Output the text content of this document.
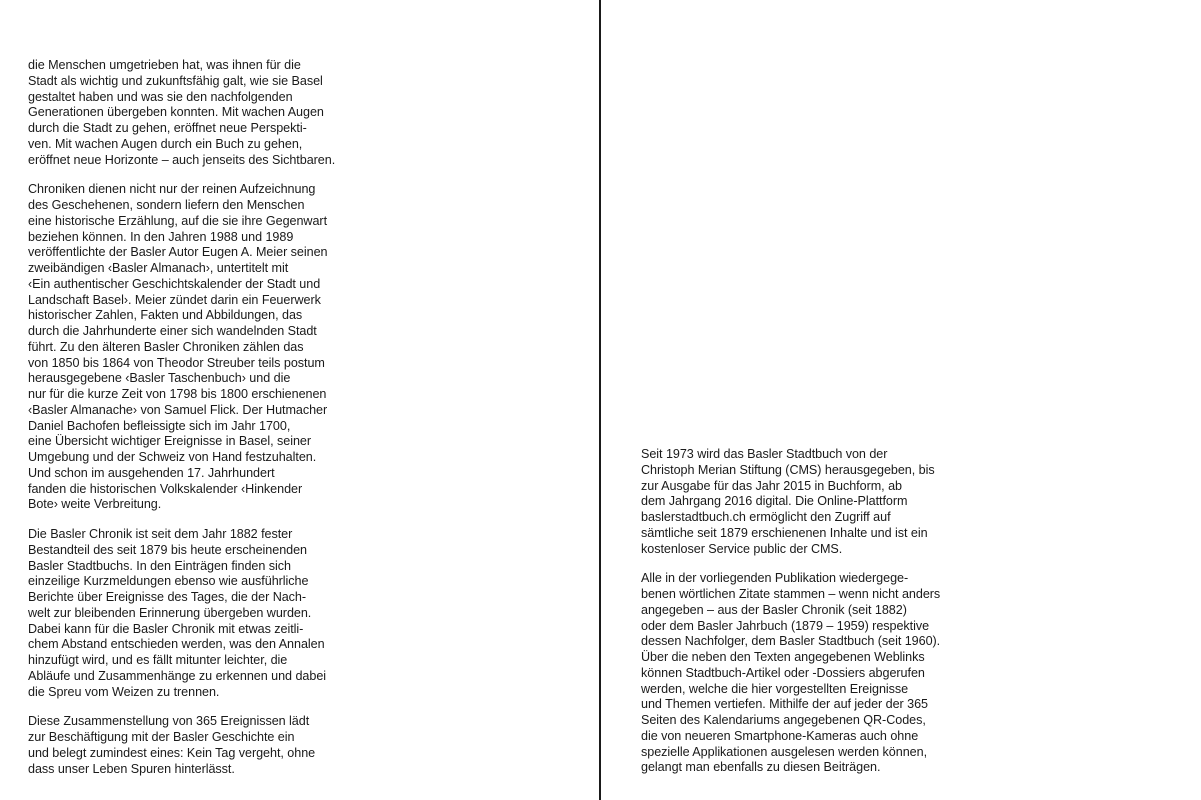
die Menschen umgetrieben hat, was ihnen für die
Stadt als wichtig und zukunftsfähig galt, wie sie Basel
gestaltet haben und was sie den nachfolgenden
Generationen übergeben konnten. Mit wachen Augen
durch die Stadt zu gehen, eröffnet neue Perspekti-
ven. Mit wachen Augen durch ein Buch zu gehen,
eröffnet neue Horizonte – auch jenseits des Sichtbaren.

Chroniken dienen nicht nur der reinen Aufzeichnung
des Geschehenen, sondern liefern den Menschen
eine historische Erzählung, auf die sie ihre Gegenwart
beziehen können. In den Jahren 1988 und 1989
veröffentlichte der Basler Autor Eugen A. Meier seinen
zweibändigen ‹Basler Almanach›, untertitelt mit
‹Ein authentischer Geschichtskalender der Stadt und
Landschaft Basel›. Meier zündet darin ein Feuerwerk
historischer Zahlen, Fakten und Abbildungen, das
durch die Jahrhunderte einer sich wandelnden Stadt
führt. Zu den älteren Basler Chroniken zählen das
von 1850 bis 1864 von Theodor Streuber teils postum
herausgegebene ‹Basler Taschenbuch› und die
nur für die kurze Zeit von 1798 bis 1800 erschienenen
‹Basler Almanache› von Samuel Flick. Der Hutmacher
Daniel Bachofen befleissigte sich im Jahr 1700,
eine Übersicht wichtiger Ereignisse in Basel, seiner
Umgebung und der Schweiz von Hand festzuhalten.
Und schon im ausgehenden 17. Jahrhundert
fanden die historischen Volkskalender ‹Hinkender
Bote› weite Verbreitung.

Die Basler Chronik ist seit dem Jahr 1882 fester
Bestandteil des seit 1879 bis heute erscheinenden
Basler Stadtbuchs. In den Einträgen finden sich
einzeilige Kurzmeldungen ebenso wie ausführliche
Berichte über Ereignisse des Tages, die der Nach-
welt zur bleibenden Erinnerung übergeben wurden.
Dabei kann für die Basler Chronik mit etwas zeitli-
chem Abstand entschieden werden, was den Annalen
hinzufügt wird, und es fällt mitunter leichter, die
Abläufe und Zusammenhänge zu erkennen und dabei
die Spreu vom Weizen zu trennen.

Diese Zusammenstellung von 365 Ereignissen lädt
zur Beschäftigung mit der Basler Geschichte ein
und belegt zumindest eines: Kein Tag vergeht, ohne
dass unser Leben Spuren hinterlässt.

Seit 1973 wird das Basler Stadtbuch von der
Christoph Merian Stiftung (CMS) herausgegeben, bis
zur Ausgabe für das Jahr 2015 in Buchform, ab
dem Jahrgang 2016 digital. Die Online-Plattform
baslerstadtbuch.ch ermöglicht den Zugriff auf
sämtliche seit 1879 erschienenen Inhalte und ist ein
kostenloser Service public der CMS.

Alle in der vorliegenden Publikation wiedergege-
benen wörtlichen Zitate stammen – wenn nicht anders
angegeben – aus der Basler Chronik (seit 1882)
oder dem Basler Jahrbuch (1879 – 1959) respektive
dessen Nachfolger, dem Basler Stadtbuch (seit 1960).
Über die neben den Texten angegebenen Weblinks
können Stadtbuch-Artikel oder -Dossiers abgerufen
werden, welche die hier vorgestellten Ereignisse
und Themen vertiefen. Mithilfe der auf jeder der 365
Seiten des Kalendariums angegebenen QR-Codes,
die von neueren Smartphone-Kameras auch ohne
spezielle Applikationen ausgelesen werden können,
gelangt man ebenfalls zu diesen Beiträgen.
